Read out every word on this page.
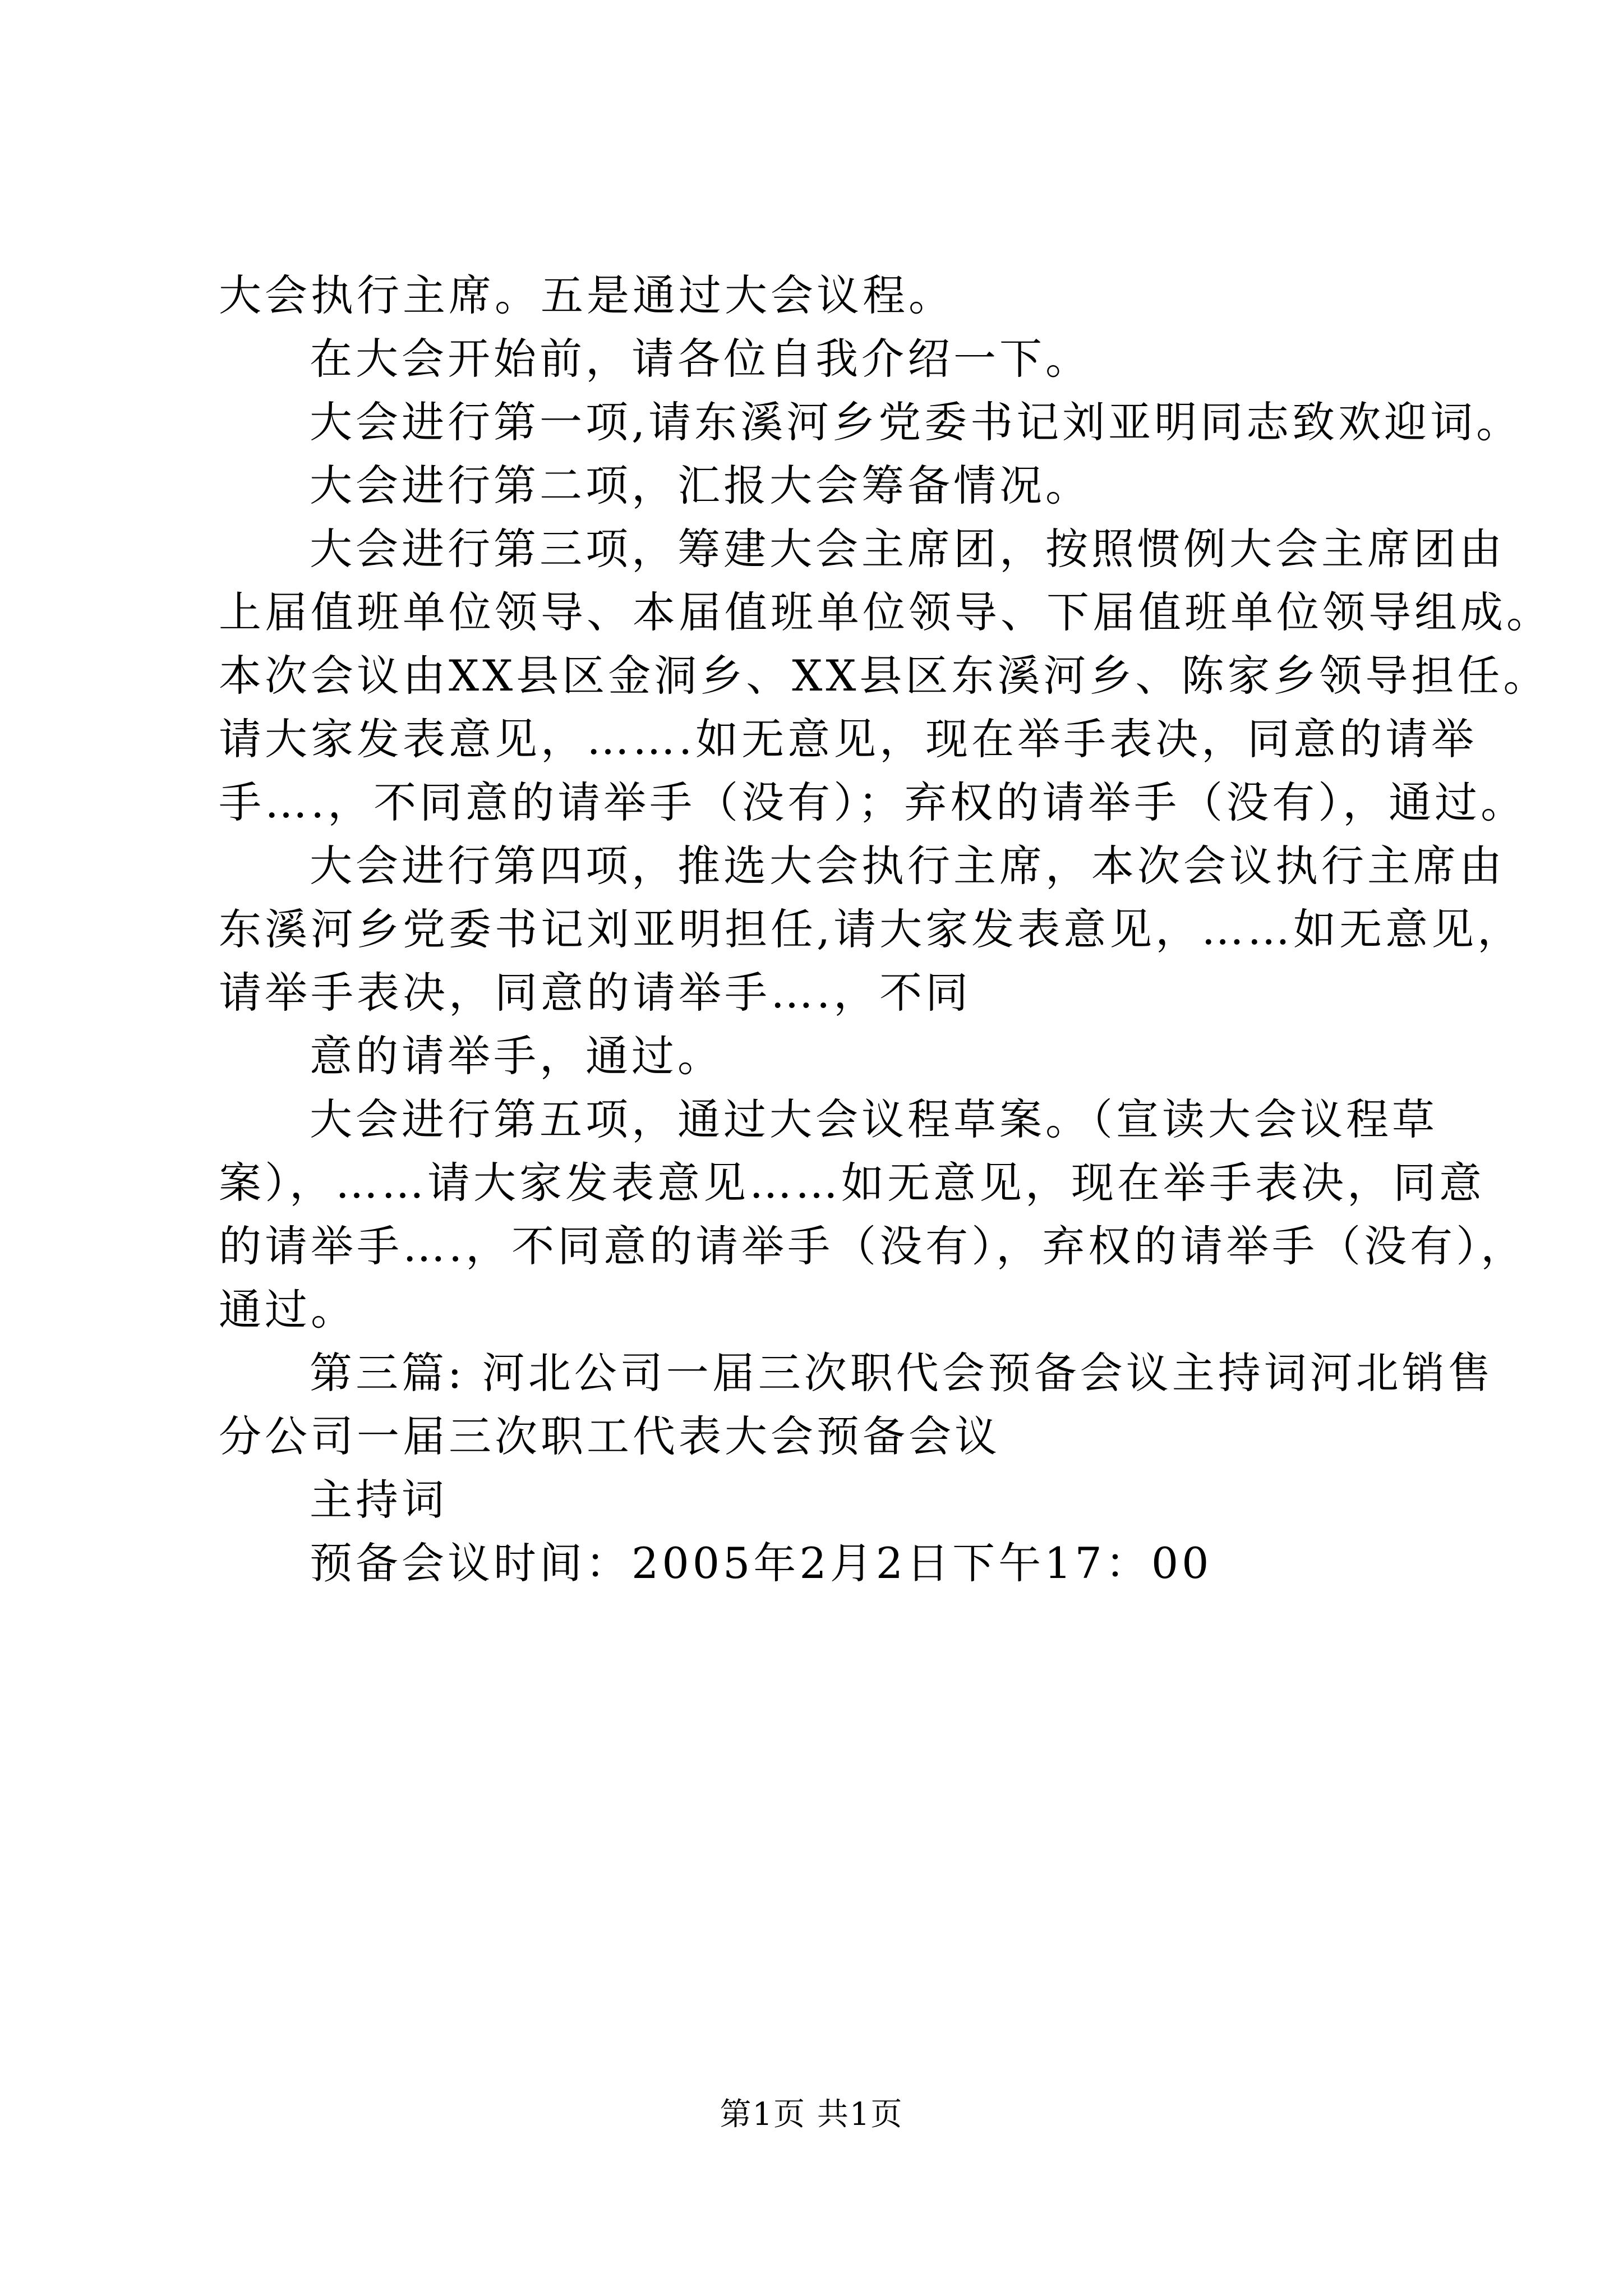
大会执行主席。五是通过大会议程。
在大会开始前，请各位自我介绍一下。
大会进行第一项,请东溪河乡党委书记刘亚明同志致欢迎词。
大会进行第二项，汇报大会筹备情况。
大会进行第三项，筹建大会主席团，按照惯例大会主席团由
上届值班单位领导、本届值班单位领导、下届值班单位领导组成。
本次会议由XX县区金洞乡、XX县区东溪河乡、陈家乡领导担任。
请大家发表意见，…….如无意见，现在举手表决，同意的请举
手….，不同意的请举手（没有）；弃权的请举手（没有），通过。
大会进行第四项，推选大会执行主席，本次会议执行主席由
东溪河乡党委书记刘亚明担任,请大家发表意见，……如无意见，
请举手表决，同意的请举手….，不同
意的请举手，通过。
大会进行第五项，通过大会议程草案。（宣读大会议程草
案），……请大家发表意见……如无意见，现在举手表决，同意
的请举手….，不同意的请举手（没有），弃权的请举手（没有），
通过。
第三篇: 河北公司一届三次职代会预备会议主持词河北销售
分公司一届三次职工代表大会预备会议
主持词
预备会议时间：2005年2月2日下午17：00
第1页 共1页
